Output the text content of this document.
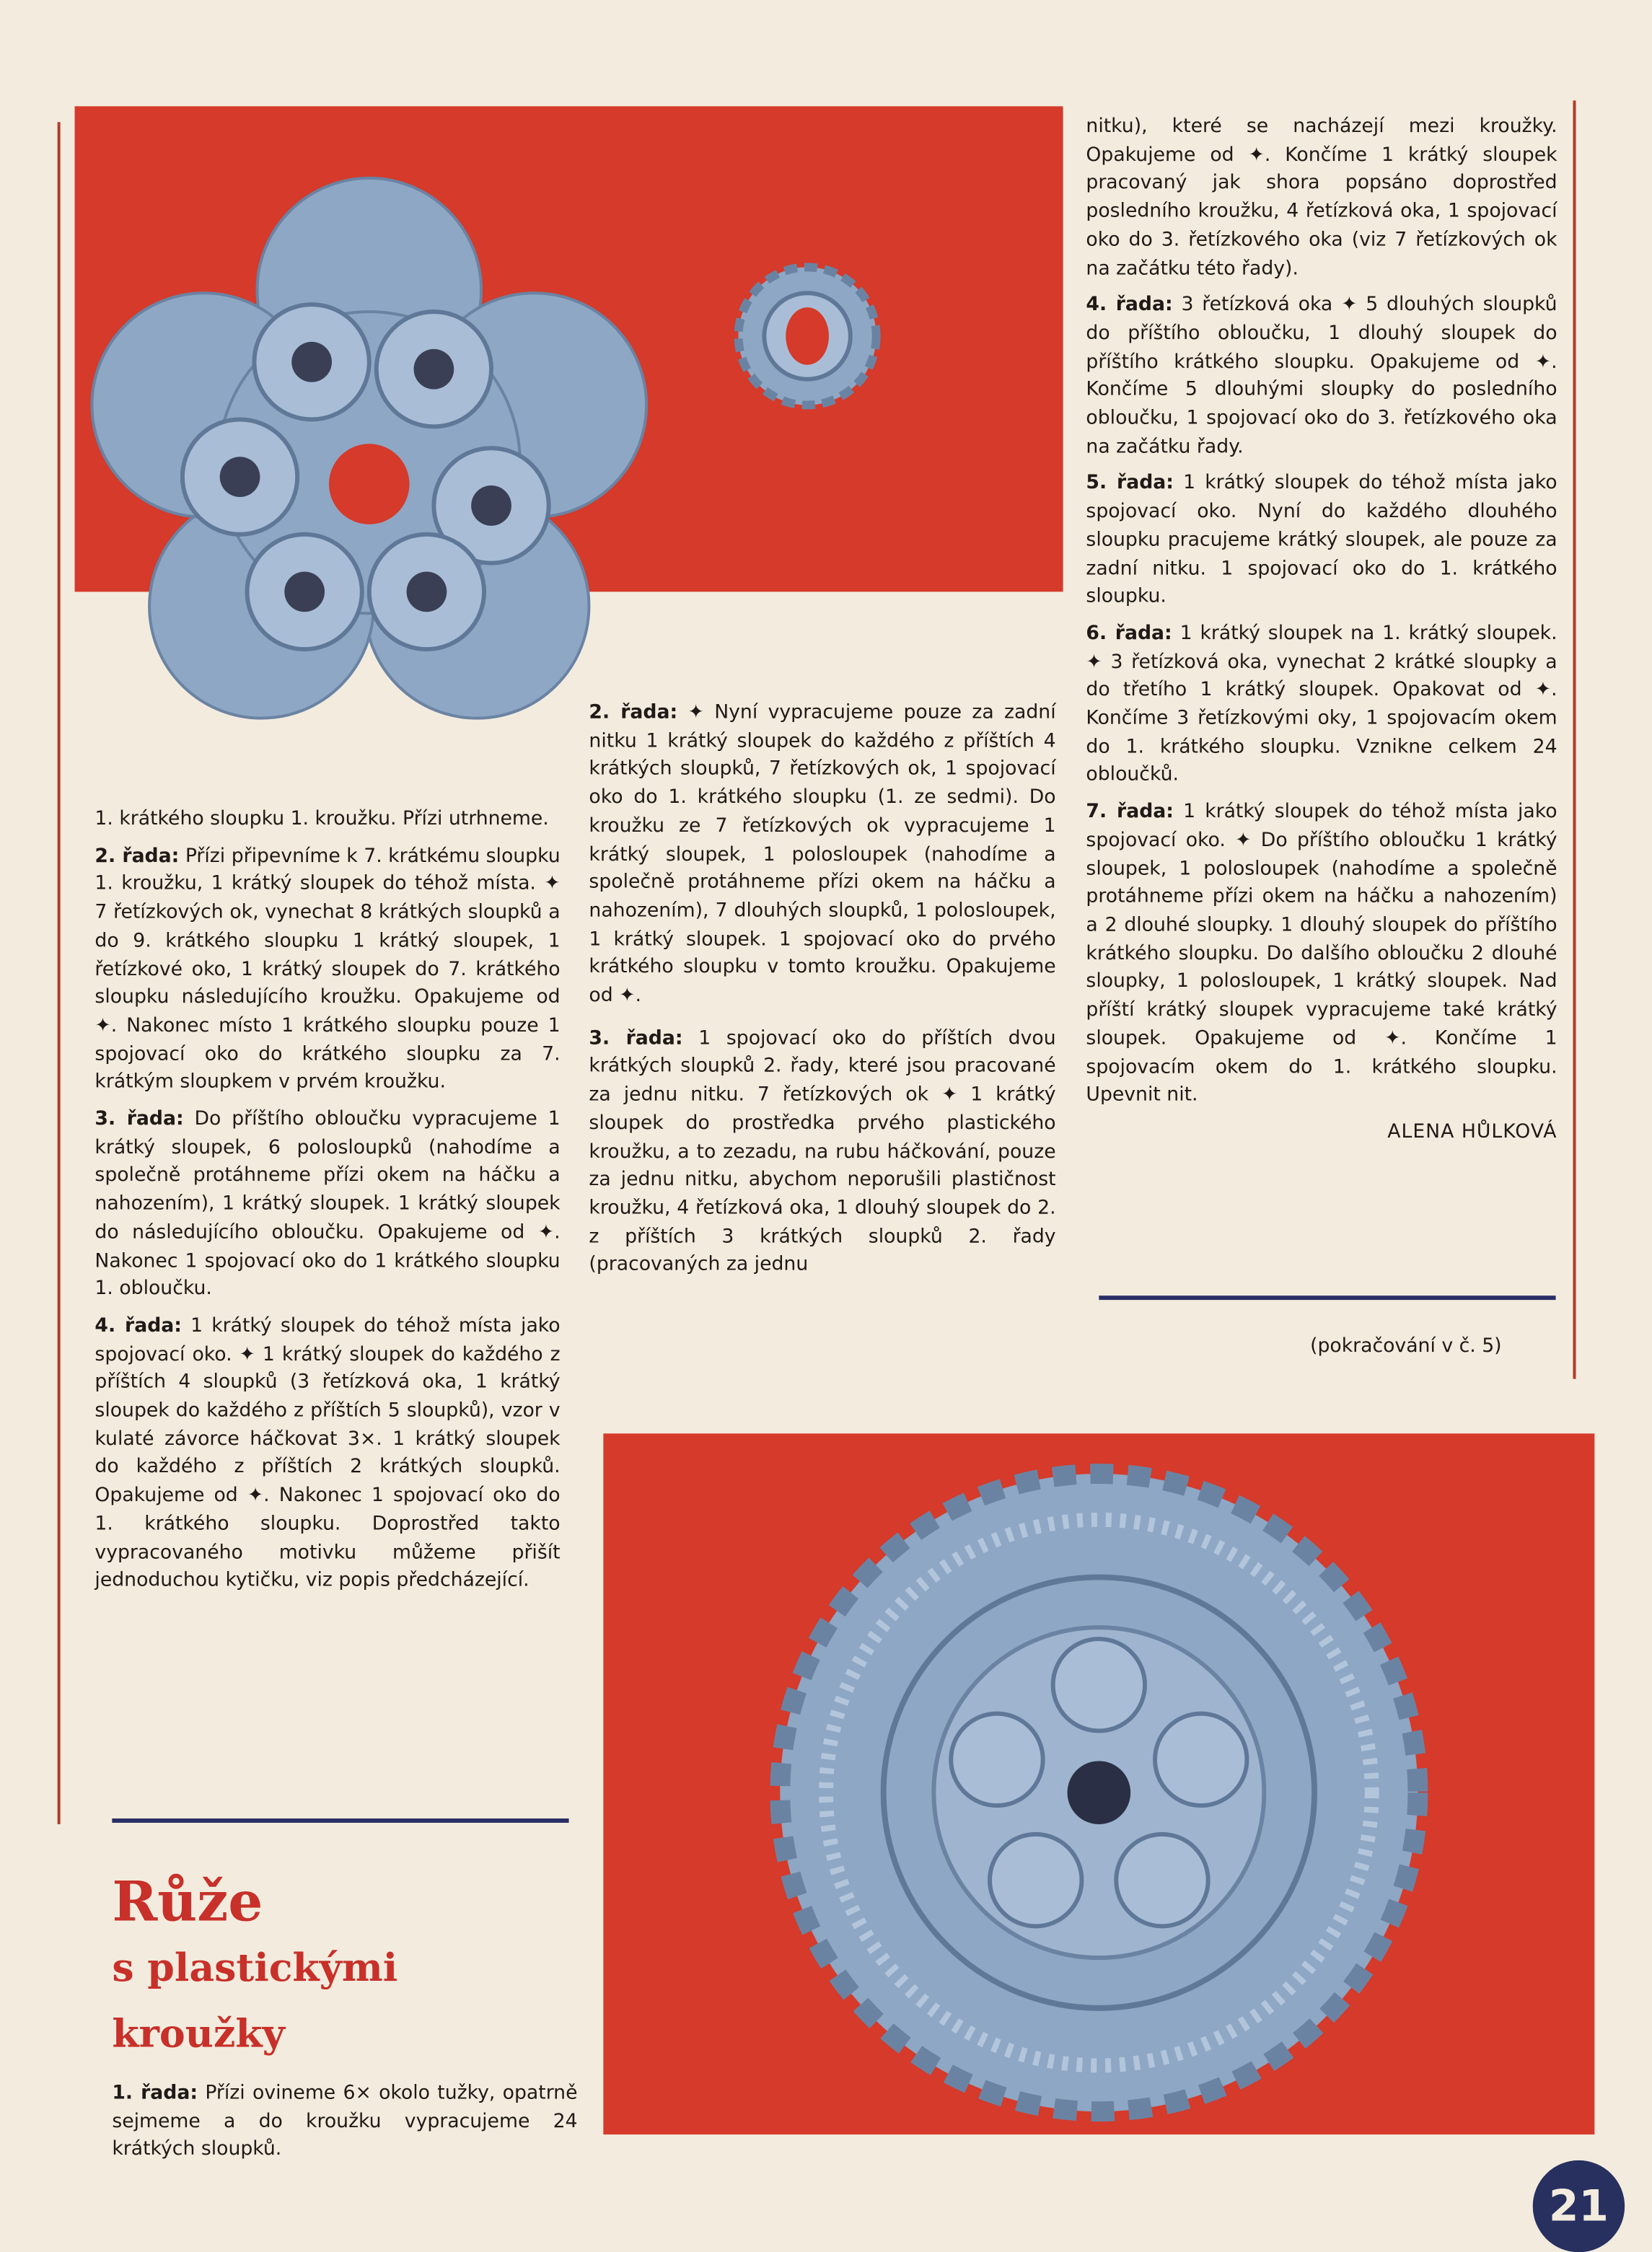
1. krátkého sloupku 1. kroužku. Přízi utrhneme.

2. řada: Přízi připevníme k 7. krátkému sloupku 1. kroužku, 1 krátký sloupek do téhož místa. ✦ 7 řetízkových ok, vynechat 8 krátkých sloupků a do 9. krátkého sloupku 1 krátký sloupek, 1 řetízkové oko, 1 krátký sloupek do 7. krátkého sloupku následujícího kroužku. Opakujeme od ✦. Nakonec místo 1 krátkého sloupku pouze 1 spojovací oko do krátkého sloupku za 7. krátkým sloupkem v prvém kroužku.

3. řada: Do příštího obloučku vypracujeme 1 krátký sloupek, 6 polosloupků (nahodíme a společně protáhneme přízi okem na háčku a nahozením), 1 krátký sloupek. 1 krátký sloupek do následujícího obloučku. Opakujeme od ✦. Nakonec 1 spojovací oko do 1 krátkého sloupku 1. obloučku.

4. řada: 1 krátký sloupek do téhož místa jako spojovací oko. ✦ 1 krátký sloupek do každého z příštích 4 sloupků (3 řetízková oka, 1 krátký sloupek do každého z příštích 5 sloupků), vzor v kulaté závorce háčkovat 3×. 1 krátký sloupek do každého z příštích 2 krátkých sloupků. Opakujeme od ✦. Nakonec 1 spojovací oko do 1. krátkého sloupku. Doprostřed takto vypracovaného motivku můžeme přišít jednoduchou kytičku, viz popis předcházející.

Růže
s plastickými
kroužky

1. řada: Přízi ovineme 6× okolo tužky, opatrně sejmeme a do kroužku vypracujeme 24 krátkých sloupků.

2. řada: ✦ Nyní vypracujeme pouze za zadní nitku 1 krátký sloupek do každého z příštích 4 krátkých sloupků, 7 řetízkových ok, 1 spojovací oko do 1. krátkého sloupku (1. ze sedmi). Do kroužku ze 7 řetízkových ok vypracujeme 1 krátký sloupek, 1 polosloupek (nahodíme a společně protáhneme přízi okem na háčku a nahozením), 7 dlouhých sloupků, 1 polosloupek, 1 krátký sloupek. 1 spojovací oko do prvého krátkého sloupku v tomto kroužku. Opakujeme od ✦.

3. řada: 1 spojovací oko do příštích dvou krátkých sloupků 2. řady, které jsou pracované za jednu nitku. 7 řetízkových ok ✦ 1 krátký sloupek do prostředka prvého plastického kroužku, a to zezadu, na rubu háčkování, pouze za jednu nitku, abychom neporušili plastičnost kroužku, 4 řetízková oka, 1 dlouhý sloupek do 2. z příštích 3 krátkých sloupků 2. řady (pracovaných za jednu

nitku), které se nacházejí mezi kroužky. Opakujeme od ✦. Končíme 1 krátký sloupek pracovaný jak shora popsáno doprostřed posledního kroužku, 4 řetízková oka, 1 spojovací oko do 3. řetízkového oka (viz 7 řetízkových ok na začátku této řady).

4. řada: 3 řetízková oka ✦ 5 dlouhých sloupků do příštího obloučku, 1 dlouhý sloupek do příštího krátkého sloupku. Opakujeme od ✦. Končíme 5 dlouhými sloupky do posledního obloučku, 1 spojovací oko do 3. řetízkového oka na začátku řady.

5. řada: 1 krátký sloupek do téhož místa jako spojovací oko. Nyní do každého dlouhého sloupku pracujeme krátký sloupek, ale pouze za zadní nitku. 1 spojovací oko do 1. krátkého sloupku.

6. řada: 1 krátký sloupek na 1. krátký sloupek. ✦ 3 řetízková oka, vynechat 2 krátké sloupky a do třetího 1 krátký sloupek. Opakovat od ✦. Končíme 3 řetízkovými oky, 1 spojovacím okem do 1. krátkého sloupku. Vznikne celkem 24 obloučků.

7. řada: 1 krátký sloupek do téhož místa jako spojovací oko. ✦ Do příštího obloučku 1 krátký sloupek, 1 polosloupek (nahodíme a společně protáhneme přízi okem na háčku a nahozením) a 2 dlouhé sloupky. 1 dlouhý sloupek do příštího krátkého sloupku. Do dalšího obloučku 2 dlouhé sloupky, 1 polosloupek, 1 krátký sloupek. Nad příští krátký sloupek vypracujeme také krátký sloupek. Opakujeme od ✦. Končíme 1 spojovacím okem do 1. krátkého sloupku. Upevnit nit.

ALENA HŮLKOVÁ
(pokračování v č. 5)
21
